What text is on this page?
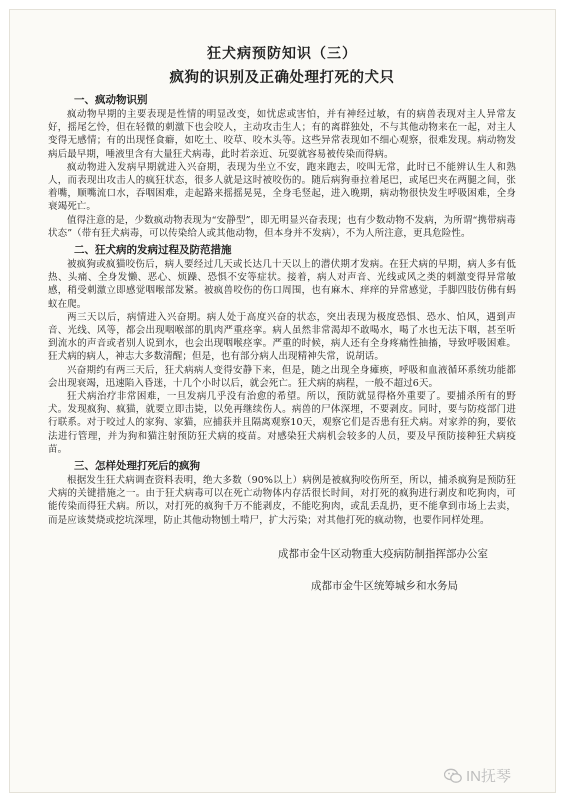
狂犬病预防知识（三）
疯狗的识别及正确处理打死的犬只
一、疯动物识别

疯动物早期的主要表现是性情的明显改变，如忧虑或害怕，并有神经过敏，有的病兽表现对主人异常友好，摇尾乞怜，但在轻微的刺激下也会咬人，主动攻击生人；有的离群独处，不与其他动物来在一起，对主人变得无感情；有的出现怪食癖，如吃土、咬草、咬木头等。这些异常表现如不细心观察，很难发现。病动物发病后最早期，唾液里含有大量狂犬病毒，此时若亲近、玩耍就容易被传染而得病。

疯动物进入发病早期就进入兴奋期，表现为坐立不安，跑来跑去，咬叫无常，此时已不能辨认生人和熟人，而表现出攻击人的疯狂状态，很多人就是这时被咬伤的。随后病狗垂拉着尾巴，或尾巴夹在两腿之间，张着嘴，顺嘴流口水，吞咽困难，走起路来摇摇晃晃，全身毛竖起，进入晚期，病动物很快发生呼吸困难，全身衰竭死亡。

值得注意的是，少数疯动物表现为“安静型”，即无明显兴奋表现；也有少数动物不发病，为所谓“携带病毒状态”（带有狂犬病毒，可以传染给人或其他动物，但本身并不发病），不为人所注意，更具危险性。

二、狂犬病的发病过程及防范措施

被疯狗或疯猫咬伤后，病人要经过几天或长达几十天以上的潜伏期才发病。在狂犬病的早期，病人多有低热、头痛、全身发懒、恶心、烦躁、恐惧不安等症状。接着，病人对声音、光线或风之类的刺激变得异常敏感，稍受刺激立即感觉咽喉部发紧。被疯兽咬伤的伤口周围，也有麻木、痒痒的异常感觉，手脚四肢仿佛有蚂蚁在爬。

两三天以后，病情进入兴奋期。病人处于高度兴奋的状态，突出表现为极度恐惧、恐水、怕风，遇到声音、光线、风等，都会出现咽喉部的肌肉严重痉挛。病人虽然非常渴却不敢喝水，喝了水也无法下咽，甚至听到流水的声音或者别人说到水，也会出现咽喉痉挛。严重的时候，病人还有全身疼痛性抽搐，导致呼吸困难。狂犬病的病人，神志大多数清醒；但是，也有部分病人出现精神失常，说胡话。

兴奋期约有两三天后，狂犬病病人变得安静下来，但是，随之出现全身瘫痪，呼吸和血液循环系统功能都会出现衰竭，迅速陷入昏迷，十几个小时以后，就会死亡。狂犬病的病程，一般不超过6天。

狂犬病治疗非常困难，一旦发病几乎没有治愈的希望。所以，预防就显得格外重要了。要捕杀所有的野犬。发现疯狗、疯猫，就要立即击毙，以免再继续伤人。病兽的尸体深埋，不要剥皮。同时，要与防疫部门进行联系。对于咬过人的家狗、家猫，应捕获并且隔离观察10天，观察它们是否患有狂犬病。对家养的狗，要依法进行管理，并为狗和猫注射预防狂犬病的疫苗。对感染狂犬病机会较多的人员，要及早预防接种狂犬病疫苗。

三、怎样处理打死后的疯狗

根据发生狂犬病调查资料表明，绝大多数（90%以上）病例是被疯狗咬伤所至，所以，捕杀疯狗是预防狂犬病的关键措施之一。由于狂犬病毒可以在死亡动物体内存活很长时间，对打死的疯狗进行剥皮和吃狗肉，可能传染而得狂犬病。所以，对打死的疯狗千万不能剥皮，不能吃狗肉，或乱丢乱扔，更不能拿到市场上去卖，而是应该焚烧或挖坑深埋，防止其他动物刨土啃尸，扩大污染；对其他打死的疯动物，也要作同样处理。

成都市金牛区动物重大疫病防制指挥部办公室

成都市金牛区统筹城乡和水务局

IN抚琴
